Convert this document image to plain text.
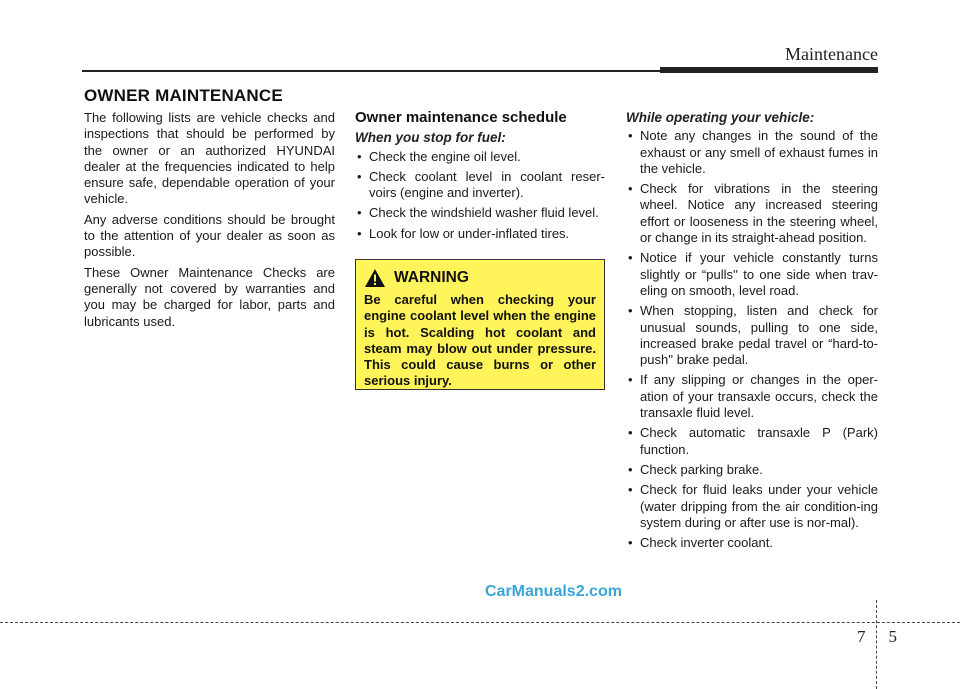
Maintenance
OWNER MAINTENANCE

The following lists are vehicle checks and inspections that should be performed by the owner or an authorized HYUNDAI dealer at the frequencies indicated to help ensure safe, dependable operation of your vehicle.

Any adverse conditions should be brought to the attention of your dealer as soon as possible.

These Owner Maintenance Checks are generally not covered by warranties and you may be charged for labor, parts and lubricants used.

Owner maintenance schedule
When you stop for fuel:
• Check the engine oil level.
• Check coolant level in coolant reser-voirs (engine and inverter).
• Check the windshield washer fluid level.
• Look for low or under-inflated tires.
WARNING

Be careful when checking your engine coolant level when the engine is hot. Scalding hot coolant and steam may blow out under pressure. This could cause burns or other serious injury.

While operating your vehicle:
• Note any changes in the sound of the exhaust or any smell of exhaust fumes in the vehicle.
• Check for vibrations in the steering wheel. Notice any increased steering effort or looseness in the steering wheel, or change in its straight-ahead position.
• Notice if your vehicle constantly turns slightly or “pulls'' to one side when trav-eling on smooth, level road.
• When stopping, listen and check for unusual sounds, pulling to one side, increased brake pedal travel or “hard-to-push'' brake pedal.
• If any slipping or changes in the oper-ation of your transaxle occurs, check the transaxle fluid level.
• Check automatic transaxle P (Park) function.
• Check parking brake.
• Check for fluid leaks under your vehicle (water dripping from the air condition-ing system during or after use is nor-mal).
• Check inverter coolant.
CarManuals2.com
7 5
